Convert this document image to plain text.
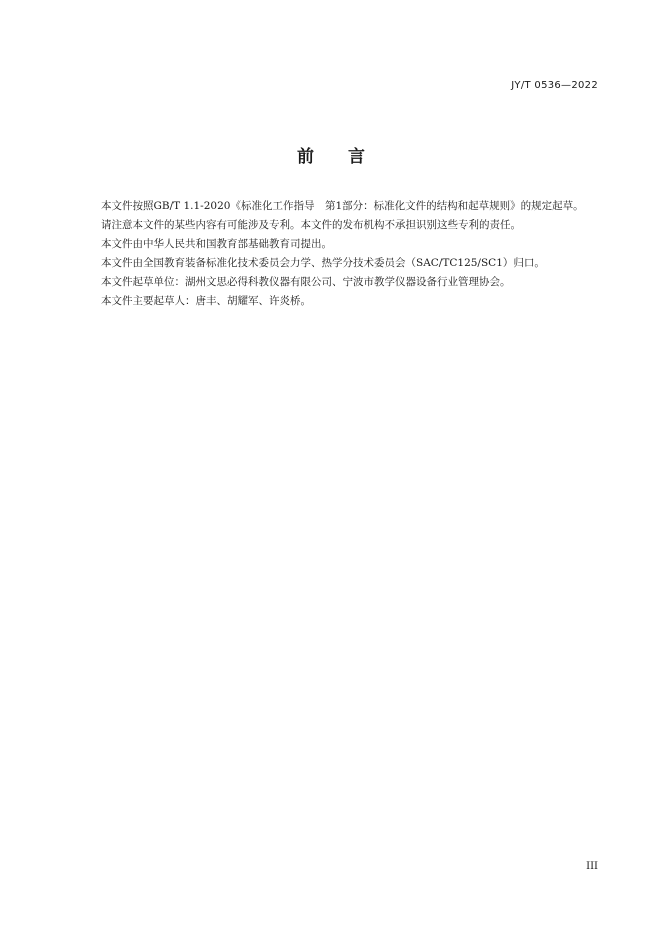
JY/T 0536—2022
前 言

本文件按照GB/T 1.1-2020《标准化工作指导　第1部分：标准化文件的结构和起草规则》的规定起草。

请注意本文件的某些内容有可能涉及专利。本文件的发布机构不承担识别这些专利的责任。

本文件由中华人民共和国教育部基础教育司提出。

本文件由全国教育装备标准化技术委员会力学、热学分技术委员会（SAC/TC125/SC1）归口。

本文件起草单位：湖州文思必得科教仪器有限公司、宁波市教学仪器设备行业管理协会。

本文件主要起草人：唐丰、胡耀军、许炎桥。

III
